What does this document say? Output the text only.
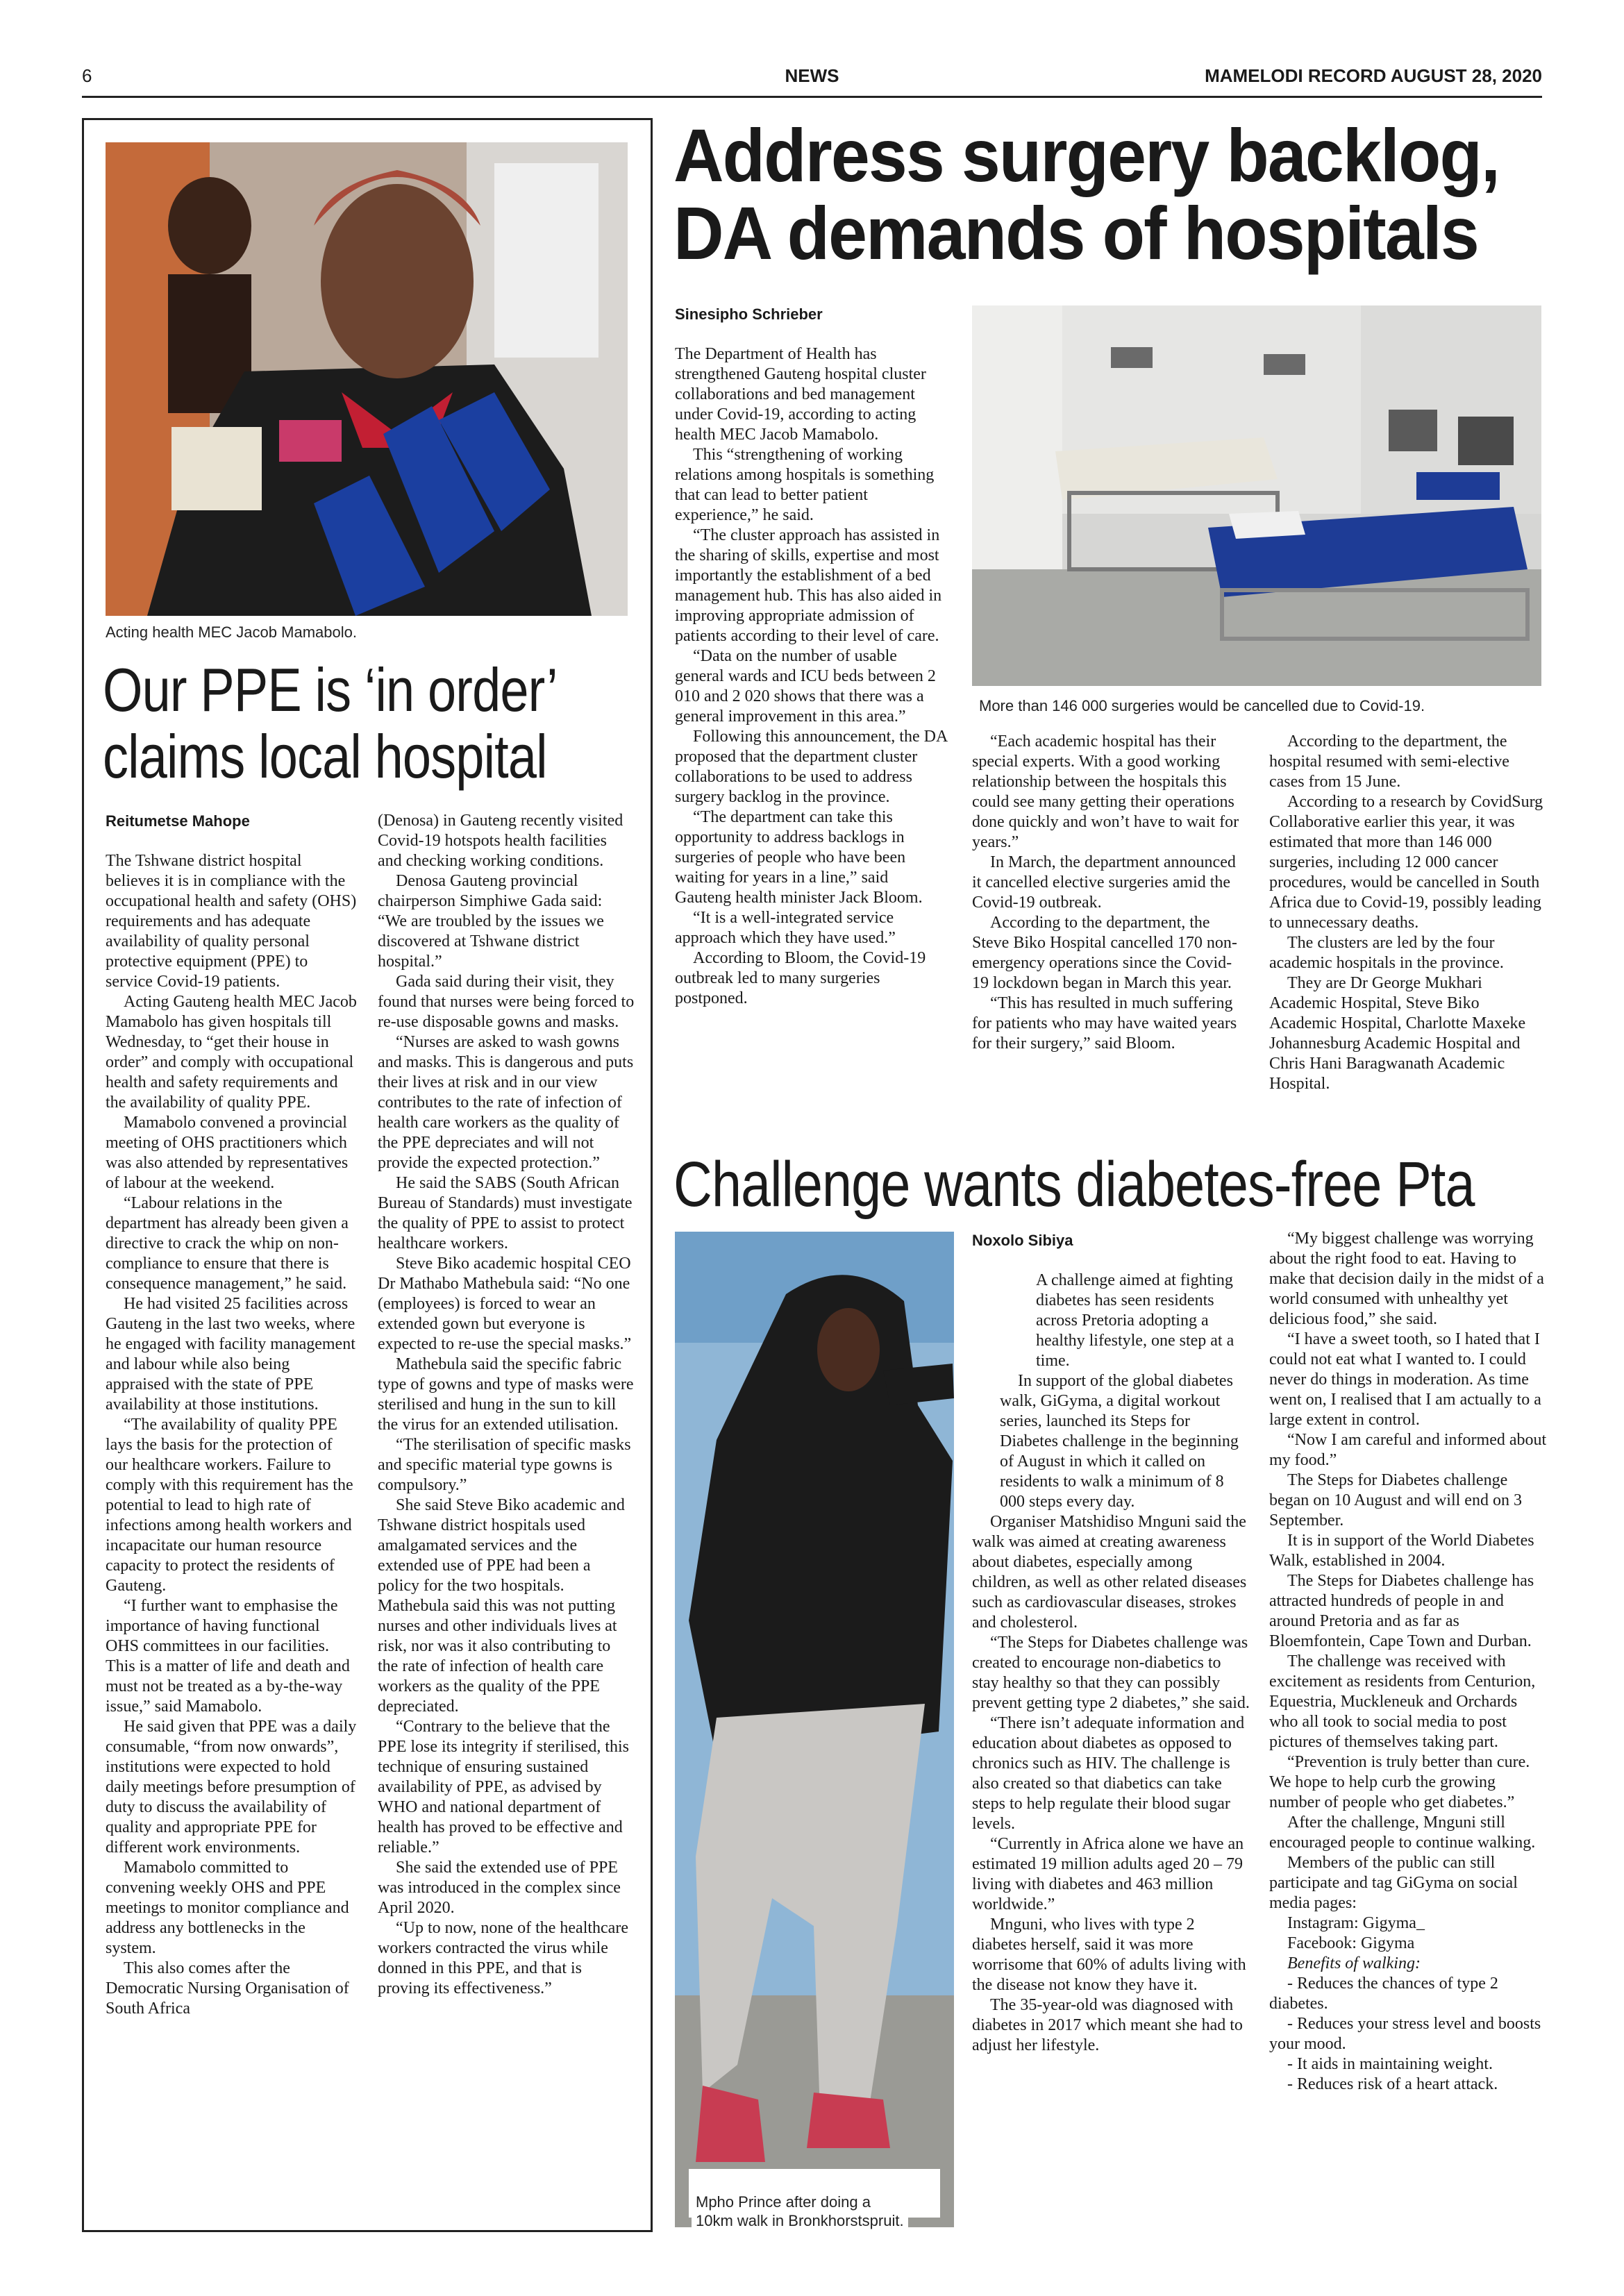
6	NEWS	MAMELODI RECORD AUGUST 28, 2020
Acting health MEC Jacob Mamabolo.
Our PPE is ‘in order’
claims local hospital
Reitumetse Mahope

The Tshwane district hospital believes it is in compliance with the occupational health and safety (OHS) requirements and has adequate availability of quality personal protective equipment (PPE) to service Covid-19 patients.

Acting Gauteng health MEC Jacob Mamabolo has given hospitals till Wednesday, to “get their house in order” and comply with occupational health and safety requirements and the availability of quality PPE.

Mamabolo convened a provincial meeting of OHS practitioners which was also attended by representatives of labour at the weekend.

“Labour relations in the department has already been given a directive to crack the whip on non-compliance to ensure that there is consequence management,” he said.

He had visited 25 facilities across Gauteng in the last two weeks, where he engaged with facility management and labour while also being appraised with the state of PPE availability at those institutions.

“The availability of quality PPE lays the basis for the protection of our healthcare workers. Failure to comply with this requirement has the potential to lead to high rate of infections among health workers and incapacitate our human resource capacity to protect the residents of Gauteng.

“I further want to emphasise the importance of having functional OHS committees in our facilities. This is a matter of life and death and must not be treated as a by-the-way issue,” said Mamabolo.

He said given that PPE was a daily consumable, “from now onwards”, institutions were expected to hold daily meetings before presumption of duty to discuss the availability of quality and appropriate PPE for different work environments.

Mamabolo committed to convening weekly OHS and PPE meetings to monitor compliance and address any bottlenecks in the system.

This also comes after the Democratic Nursing Organisation of South Africa

(Denosa) in Gauteng recently visited Covid-19 hotspots health facilities and checking working conditions.

Denosa Gauteng provincial chairperson Simphiwe Gada said: “We are troubled by the issues we discovered at Tshwane district hospital.”

Gada said during their visit, they found that nurses were being forced to re-use disposable gowns and masks.

“Nurses are asked to wash gowns and masks. This is dangerous and puts their lives at risk and in our view contributes to the rate of infection of health care workers as the quality of the PPE depreciates and will not provide the expected protection.”

He said the SABS (South African Bureau of Standards) must investigate the quality of PPE to assist to protect healthcare workers.

Steve Biko academic hospital CEO Dr Mathabo Mathebula said: “No one (employees) is forced to wear an extended gown but everyone is expected to re-use the special masks.”

Mathebula said the specific fabric type of gowns and type of masks were sterilised and hung in the sun to kill the virus for an extended utilisation.

“The sterilisation of specific masks and specific material type gowns is compulsory.”

She said Steve Biko academic and Tshwane district hospitals used amalgamated services and the extended use of PPE had been a policy for the two hospitals. Mathebula said this was not putting nurses and other individuals lives at risk, nor was it also contributing to the rate of infection of health care workers as the quality of the PPE depreciated.

“Contrary to the believe that the PPE lose its integrity if sterilised, this technique of ensuring sustained availability of PPE, as advised by WHO and national department of health has proved to be effective and reliable.”

She said the extended use of PPE was introduced in the complex since April 2020.

“Up to now, none of the healthcare workers contracted the virus while donned in this PPE, and that is proving its effectiveness.”

Address surgery backlog,
DA demands of hospitals
Sinesipho Schrieber

The Department of Health has strengthened Gauteng hospital cluster collaborations and bed management under Covid-19, according to acting health MEC Jacob Mamabolo.

This “strengthening of working relations among hospitals is something that can lead to better patient experience,” he said.

“The cluster approach has assisted in the sharing of skills, expertise and most importantly the establishment of a bed management hub. This has also aided in improving appropriate admission of patients according to their level of care.

“Data on the number of usable general wards and ICU beds between 2 010 and 2 020 shows that there was a general improvement in this area.”

Following this announcement, the DA proposed that the department cluster collaborations to be used to address surgery backlog in the province.

“The department can take this opportunity to address backlogs in surgeries of people who have been waiting for years in a line,” said Gauteng health minister Jack Bloom.

“It is a well-integrated service approach which they have used.”

According to Bloom, the Covid-19 outbreak led to many surgeries postponed.

More than 146 000 surgeries would be cancelled due to Covid-19.

“Each academic hospital has their special experts. With a good working relationship between the hospitals this could see many getting their operations done quickly and won’t have to wait for years.”

In March, the department announced it cancelled elective surgeries amid the Covid-19 outbreak.

According to the department, the Steve Biko Hospital cancelled 170 non-emergency operations since the Covid-19 lockdown began in March this year.

“This has resulted in much suffering for patients who may have waited years for their surgery,” said Bloom.

According to the department, the hospital resumed with semi-elective cases from 15 June.

According to a research by CovidSurg Collaborative earlier this year, it was estimated that more than 146 000 surgeries, including 12 000 cancer procedures, would be cancelled in South Africa due to Covid-19, possibly leading to unnecessary deaths.

The clusters are led by the four academic hospitals in the province.

They are Dr George Mukhari Academic Hospital, Steve Biko Academic Hospital, Charlotte Maxeke Johannesburg Academic Hospital and Chris Hani Baragwanath Academic Hospital.

Challenge wants diabetes-free Pta
Mpho Prince after doing a
10km walk in Bronkhorstspruit.
Noxolo Sibiya

A challenge aimed at fighting diabetes has seen residents across Pretoria adopting a healthy lifestyle, one step at a time.

In support of the global diabetes walk, GiGyma, a digital workout series, launched its Steps for Diabetes challenge in the beginning of August in which it called on residents to walk a minimum of 8 000 steps every day.

Organiser Matshidiso Mnguni said the walk was aimed at creating awareness about diabetes, especially among children, as well as other related diseases such as cardiovascular diseases, strokes and cholesterol.

“The Steps for Diabetes challenge was created to encourage non-diabetics to stay healthy so that they can possibly prevent getting type 2 diabetes,” she said.

“There isn’t adequate information and education about diabetes as opposed to chronics such as HIV. The challenge is also created so that diabetics can take steps to help regulate their blood sugar levels.

“Currently in Africa alone we have an estimated 19 million adults aged 20 – 79 living with diabetes and 463 million worldwide.”

Mnguni, who lives with type 2 diabetes herself, said it was more worrisome that 60% of adults living with the disease not know they have it.

The 35-year-old was diagnosed with diabetes in 2017 which meant she had to adjust her lifestyle.

“My biggest challenge was worrying about the right food to eat. Having to make that decision daily in the midst of a world consumed with unhealthy yet delicious food,” she said.

“I have a sweet tooth, so I hated that I could not eat what I wanted to. I could never do things in moderation. As time went on, I realised that I am actually to a large extent in control.

“Now I am careful and informed about my food.”

The Steps for Diabetes challenge began on 10 August and will end on 3 September.

It is in support of the World Diabetes Walk, established in 2004.

The Steps for Diabetes challenge has attracted hundreds of people in and around Pretoria and as far as Bloemfontein, Cape Town and Durban.

The challenge was received with excitement as residents from Centurion, Equestria, Muckleneuk and Orchards who all took to social media to post pictures of themselves taking part.

“Prevention is truly better than cure. We hope to help curb the growing number of people who get diabetes.”

After the challenge, Mnguni still encouraged people to continue walking.

Members of the public can still participate and tag GiGyma on social media pages:

Instagram: Gigyma_

Facebook: Gigyma

Benefits of walking:

- Reduces the chances of type 2 diabetes.

- Reduces your stress level and boosts your mood.

- It aids in maintaining weight.

- Reduces risk of a heart attack.
